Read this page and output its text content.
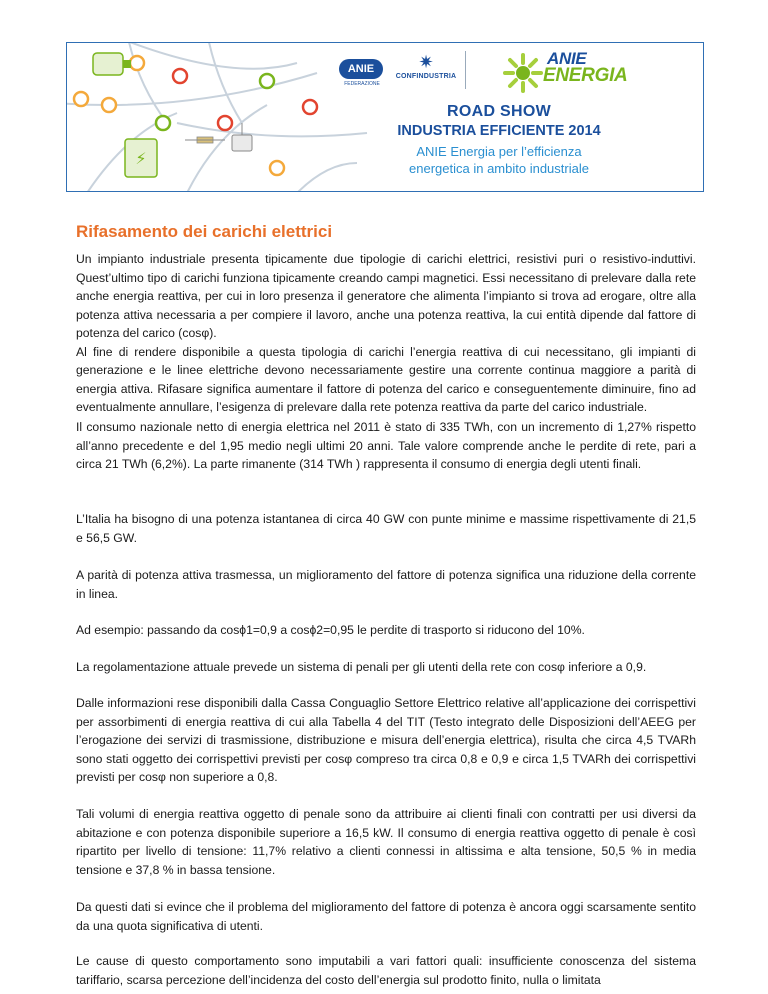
⚡
ANIE
FEDERAZIONE
✷
CONFINDUSTRIA
ANIE
ENERGIA
ROAD SHOW
INDUSTRIA EFFICIENTE 2014
ANIE Energia per l’efficienza
energetica in ambito industriale
Rifasamento dei carichi elettrici

Un impianto industriale presenta tipicamente due tipologie di carichi elettrici, resistivi puri o resistivo-induttivi. Quest’ultimo tipo di carichi funziona tipicamente creando campi magnetici. Essi necessitano di prelevare dalla rete anche energia reattiva, per cui in loro presenza il generatore che alimenta l’impianto si trova ad erogare, oltre alla potenza attiva necessaria a per compiere il lavoro, anche una potenza reattiva, la cui entità dipende dal fattore di potenza del carico (cosφ).

Al fine di rendere disponibile a questa tipologia di carichi l’energia reattiva di cui necessitano, gli impianti di generazione e le linee elettriche devono necessariamente gestire una corrente continua maggiore a parità di energia attiva. Rifasare significa aumentare il fattore di potenza del carico e conseguentemente diminuire, fino ad eventualmente annullare, l’esigenza di prelevare dalla rete potenza reattiva da parte del carico industriale.

Il consumo nazionale netto di energia elettrica nel 2011 è stato di 335 TWh, con un incremento di 1,27% rispetto all’anno precedente e del 1,95 medio negli ultimi 20 anni. Tale valore comprende anche le perdite di rete, pari a circa 21 TWh (6,2%). La parte rimanente (314 TWh ) rappresenta il consumo di energia degli utenti finali.

L’Italia ha bisogno di una potenza istantanea di circa 40 GW con punte minime e massime rispettivamente di 21,5 e 56,5 GW.

A parità di potenza attiva trasmessa, un miglioramento del fattore di potenza significa una riduzione della corrente in linea.

Ad esempio: passando da cosϕ1=0,9 a cosϕ2=0,95 le perdite di trasporto si riducono del 10%.

La regolamentazione attuale prevede un sistema di penali per gli utenti della rete con cosφ inferiore a 0,9.

Dalle informazioni rese disponibili dalla Cassa Conguaglio Settore Elettrico relative all’applicazione dei corrispettivi per assorbimenti di energia reattiva di cui alla Tabella 4 del TIT (Testo integrato delle Disposizioni dell’AEEG per l’erogazione dei servizi di trasmissione, distribuzione e misura dell’energia elettrica), risulta che circa 4,5 TVARh sono stati oggetto dei corrispettivi previsti per cosφ compreso tra circa 0,8 e 0,9 e circa 1,5 TVARh dei corrispettivi previsti per cosφ non superiore a 0,8.

Tali volumi di energia reattiva oggetto di penale sono da attribuire ai clienti finali con contratti per usi diversi da abitazione e con potenza disponibile superiore a 16,5 kW. Il consumo di energia reattiva oggetto di penale è così ripartito per livello di tensione: 11,7% relativo a clienti connessi in altissima e alta tensione, 50,5 % in media tensione e 37,8 % in bassa tensione.

Da questi dati si evince che il problema del miglioramento del fattore di potenza è ancora oggi scarsamente sentito da una quota significativa di utenti.

Le cause di questo comportamento sono imputabili a vari fattori quali: insufficiente conoscenza del sistema tariffario, scarsa percezione dell’incidenza del costo dell’energia sul prodotto finito, nulla o limitata
